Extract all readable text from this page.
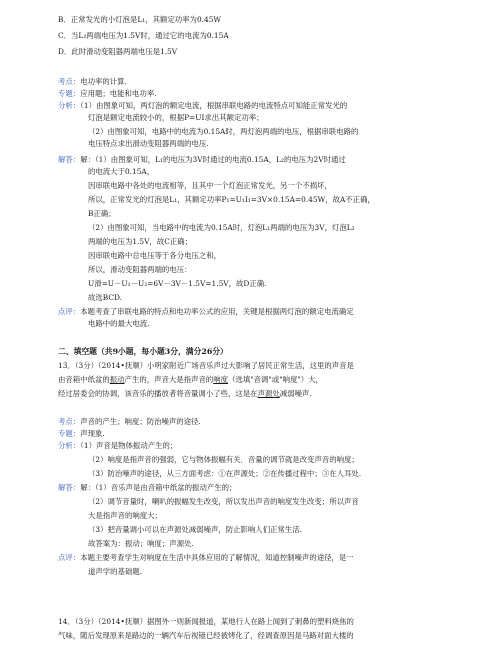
B．正常发光的小灯泡是L₁，其额定功率为0.45W
C．当L₂两端电压为1.5V时，通过它的电流为0.15A
D．此时滑动变阻器两端电压是1.5V
考点：电功率的计算.
专题：应用题；电能和电功率.
分析：（1）由图象可知，两灯泡的额定电流，根据串联电路的电流特点可知能正常发光的
灯泡是额定电流较小的，根据P=UI求出其额定功率；
（2）由图象可知，电路中的电流为0.15A时，两灯泡两端的电压，根据串联电路的
电压特点求出滑动变阻器两端的电压.
解答：解：（1）由图象可知，L₁的电压为3V时通过的电流0.15A，L₂的电压为2V时通过
的电流大于0.15A，
因串联电路中各处的电流相等，且其中一个灯泡正常发光，另一个不损坏，
所以，正常发光的灯泡是L₁，其额定功率P₁=U₁I₁=3V×0.15A=0.45W，故A不正确，
B正确；
（2）由图象可知，当电路中的电流为0.15A时，灯泡L₁两端的电压为3V，灯泡L₂
两端的电压为1.5V，故C正确；
因串联电路中总电压等于各分电压之和，
所以，滑动变阻器两端的电压：
U滑=U－U₁－U₂=6V－3V－1.5V=1.5V，故D正确.
故选BCD.
点评：本题考查了串联电路的特点和电功率公式的应用，关键是根据两灯泡的额定电流确定
电路中的最大电流.
二、填空题（共9小题，每小题3分，满分26分）
13．（3分）（2014•抚顺）小明家附近广场音乐声过大影响了居民正常生活，这里的声音是
由音箱中纸盆的振动产生的，声音大是指声音的响度（选填"音调"或"响度"）大，
经过居委会的协调，该音乐的播放者将音量调小了些，这是在声源处减弱噪声.
考点：声音的产生；响度；防治噪声的途径.
专题：声现象.
分析：（1）声音是物体振动产生的；
（2）响度是指声音的强弱，它与物体振幅有关．音量的调节就是改变声音的响度；
（3）防治噪声的途径，从三方面考虑：①在声源处；②在传播过程中；③在人耳处.
解答：解：（1）音乐声是由音箱中纸盆的振动产生的；
（2）调节音量时，喇叭的振幅发生改变，所以发出声音的响度发生改变；所以声音
大是指声音的响度大；
（3）把音量调小可以在声源处减弱噪声，防止影响人们正常生活.
故答案为：振动；响度；声源处.
点评：本题主要考查学生对响度在生活中具体应用的了解情况，知道控制噪声的途径，是一
道声学的基础题.
14．（3分）（2014•抚顺）据图外一则新闻报道，某地行人在路上闻到了刺鼻的塑料烧焦的
气味，随后发现原来是路边的一辆汽车后视镜已经被烤化了，经调查原因是马路对面大楼的
